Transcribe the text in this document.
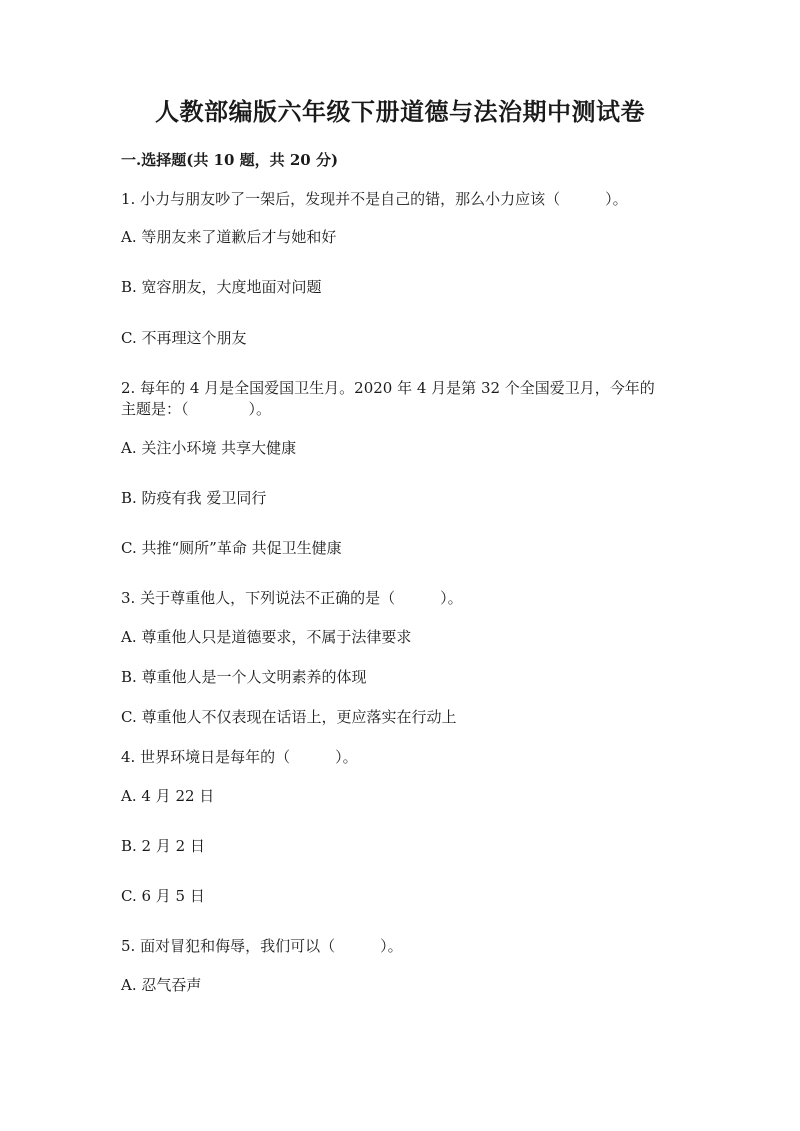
人教部编版六年级下册道德与法治期中测试卷
一.选择题(共 10 题，共 20 分)
1. 小力与朋友吵了一架后，发现并不是自己的错，那么小力应该（　　　）。
A. 等朋友来了道歉后才与她和好
B. 宽容朋友，大度地面对问题
C. 不再理这个朋友
2. 每年的 4 月是全国爱国卫生月。2020 年 4 月是第 32 个全国爱卫月，今年的
主题是：（　　　　）。
A. 关注小环境 共享大健康
B. 防疫有我 爱卫同行
C. 共推“厕所”革命 共促卫生健康
3. 关于尊重他人，下列说法不正确的是（　　　）。
A. 尊重他人只是道德要求，不属于法律要求
B. 尊重他人是一个人文明素养的体现
C. 尊重他人不仅表现在话语上，更应落实在行动上
4. 世界环境日是每年的（　　　）。
A. 4 月 22 日
B. 2 月 2 日
C. 6 月 5 日
5. 面对冒犯和侮辱，我们可以（　　　）。
A. 忍气吞声
